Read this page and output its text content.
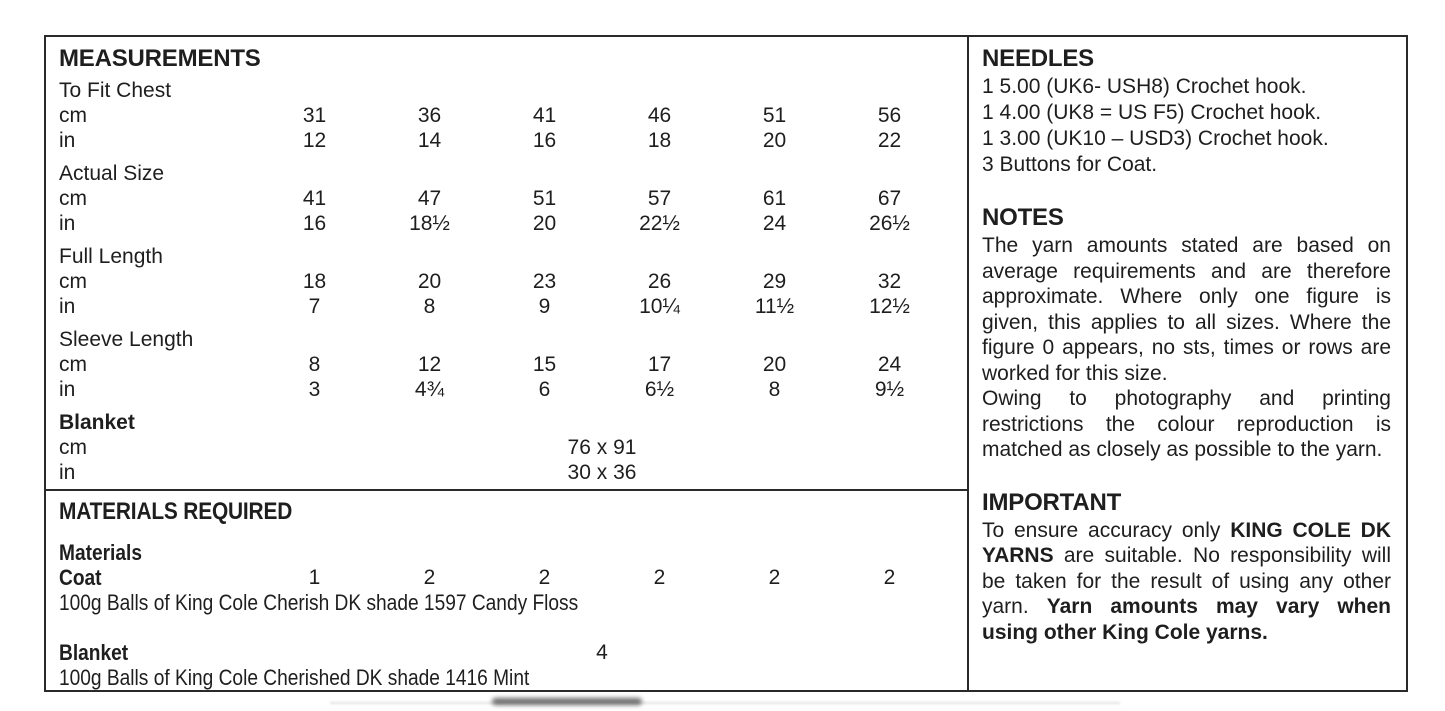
MEASUREMENTS
To Fit Chest
cm	31	36	41	46	51	56
in	12	14	16	18	20	22
Actual Size
cm	41	47	51	57	61	67
in	16	18½	20	22½	24	26½
Full Length
cm	18	20	23	26	29	32
in	7	8	9	10¼	11½	12½
Sleeve Length
cm	8	12	15	17	20	24
in	3	4¾	6	6½	8	9½
Blanket
cm	76 x 91
in	30 x 36
MATERIALS REQUIRED
Materials
Coat	1	2	2	2	2	2
100g Balls of King Cole Cherish DK shade 1597 Candy Floss
Blanket	4
100g Balls of King Cole Cherished DK shade 1416 Mint
NEEDLES
1 5.00 (UK6- USH8) Crochet hook.
1 4.00 (UK8 = US F5) Crochet hook.
1 3.00 (UK10 – USD3) Crochet hook.
3 Buttons for Coat.
NOTES
The yarn amounts stated are based on average requirements and are therefore approximate. Where only one figure is given, this applies to all sizes. Where the figure 0 appears, no sts, times or rows are worked for this size.
Owing to photography and printing restrictions the colour reproduction is matched as closely as possible to the yarn.
IMPORTANT
To ensure accuracy only KING COLE DK YARNS are suitable. No responsibility will be taken for the result of using any other yarn. Yarn amounts may vary when using other King Cole yarns.
